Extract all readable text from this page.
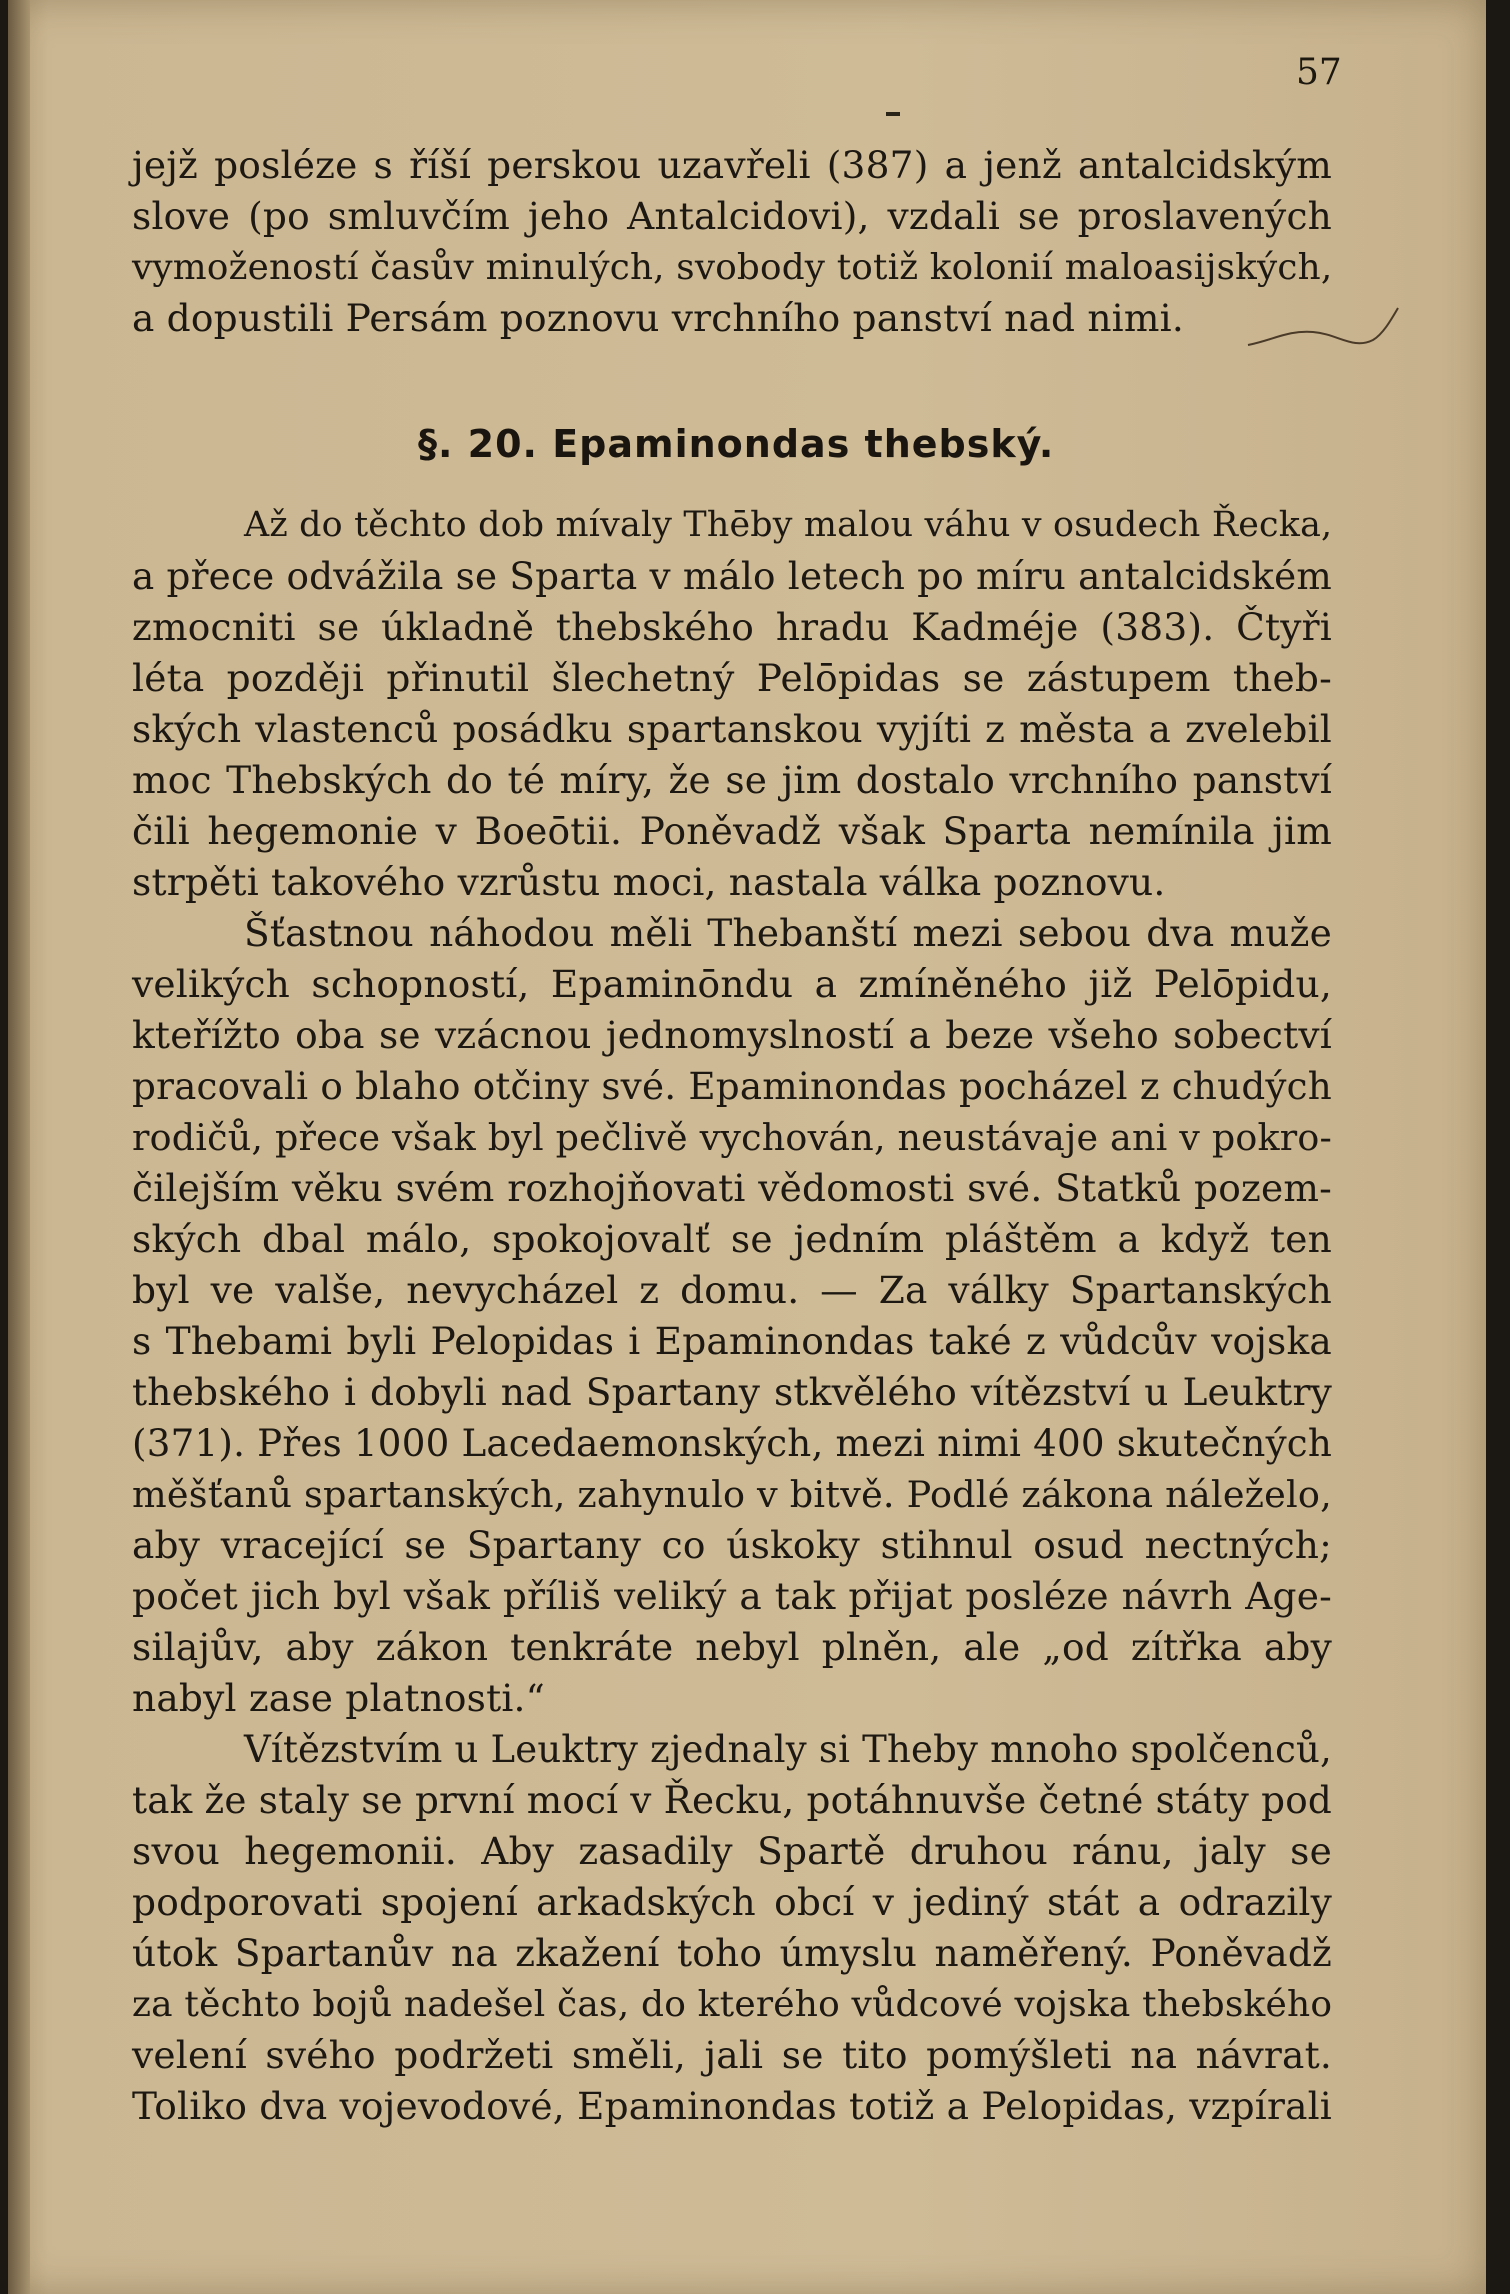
57
jejž posléze s říší perskou uzavřeli (387) a jenž antalcidským
slove (po smluvčím jeho Antalcidovi), vzdali se proslavených
vymožeností časův minulých, svobody totiž kolonií maloasijských,
a dopustili Persám poznovu vrchního panství nad nimi.
§. 20. Epaminondas thebský.
Až do těchto dob mívaly Thēby malou váhu v osudech Řecka,
a přece odvážila se Sparta v málo letech po míru antalcidském
zmocniti se úkladně thebského hradu Kadméje (383). Čtyři
léta později přinutil šlechetný Pelōpidas se zástupem theb-
ských vlastenců posádku spartanskou vyjíti z města a zvelebil
moc Thebských do té míry, že se jim dostalo vrchního panství
čili hegemonie v Boeōtii. Poněvadž však Sparta nemínila jim
strpěti takového vzrůstu moci, nastala válka poznovu.
Šťastnou náhodou měli Thebanští mezi sebou dva muže
velikých schopností, Epaminōndu a zmíněného již Pelōpidu,
kteřížto oba se vzácnou jednomyslností a beze všeho sobectví
pracovali o blaho otčiny své. Epaminondas pocházel z chudých
rodičů, přece však byl pečlivě vychován, neustávaje ani v pokro-
čilejším věku svém rozhojňovati vědomosti své. Statků pozem-
ských dbal málo, spokojovalť se jedním pláštěm a když ten
byl ve valše, nevycházel z domu. — Za války Spartanských
s Thebami byli Pelopidas i Epaminondas také z vůdcův vojska
thebského i dobyli nad Spartany stkvělého vítězství u Leuktry
(371). Přes 1000 Lacedaemonských, mezi nimi 400 skutečných
měšťanů spartanských, zahynulo v bitvě. Podlé zákona náleželo,
aby vracející se Spartany co úskoky stihnul osud nectných;
počet jich byl však příliš veliký a tak přijat posléze návrh Age-
silajův, aby zákon tenkráte nebyl plněn, ale „od zítřka aby
nabyl zase platnosti.“
Vítězstvím u Leuktry zjednaly si Theby mnoho spolčenců,
tak že staly se první mocí v Řecku, potáhnuvše četné státy pod
svou hegemonii. Aby zasadily Spartě druhou ránu, jaly se
podporovati spojení arkadských obcí v jediný stát a odrazily
útok Spartanův na zkažení toho úmyslu naměřený. Poněvadž
za těchto bojů nadešel čas, do kterého vůdcové vojska thebského
velení svého podržeti směli, jali se tito pomýšleti na návrat.
Toliko dva vojevodové, Epaminondas totiž a Pelopidas, vzpírali
